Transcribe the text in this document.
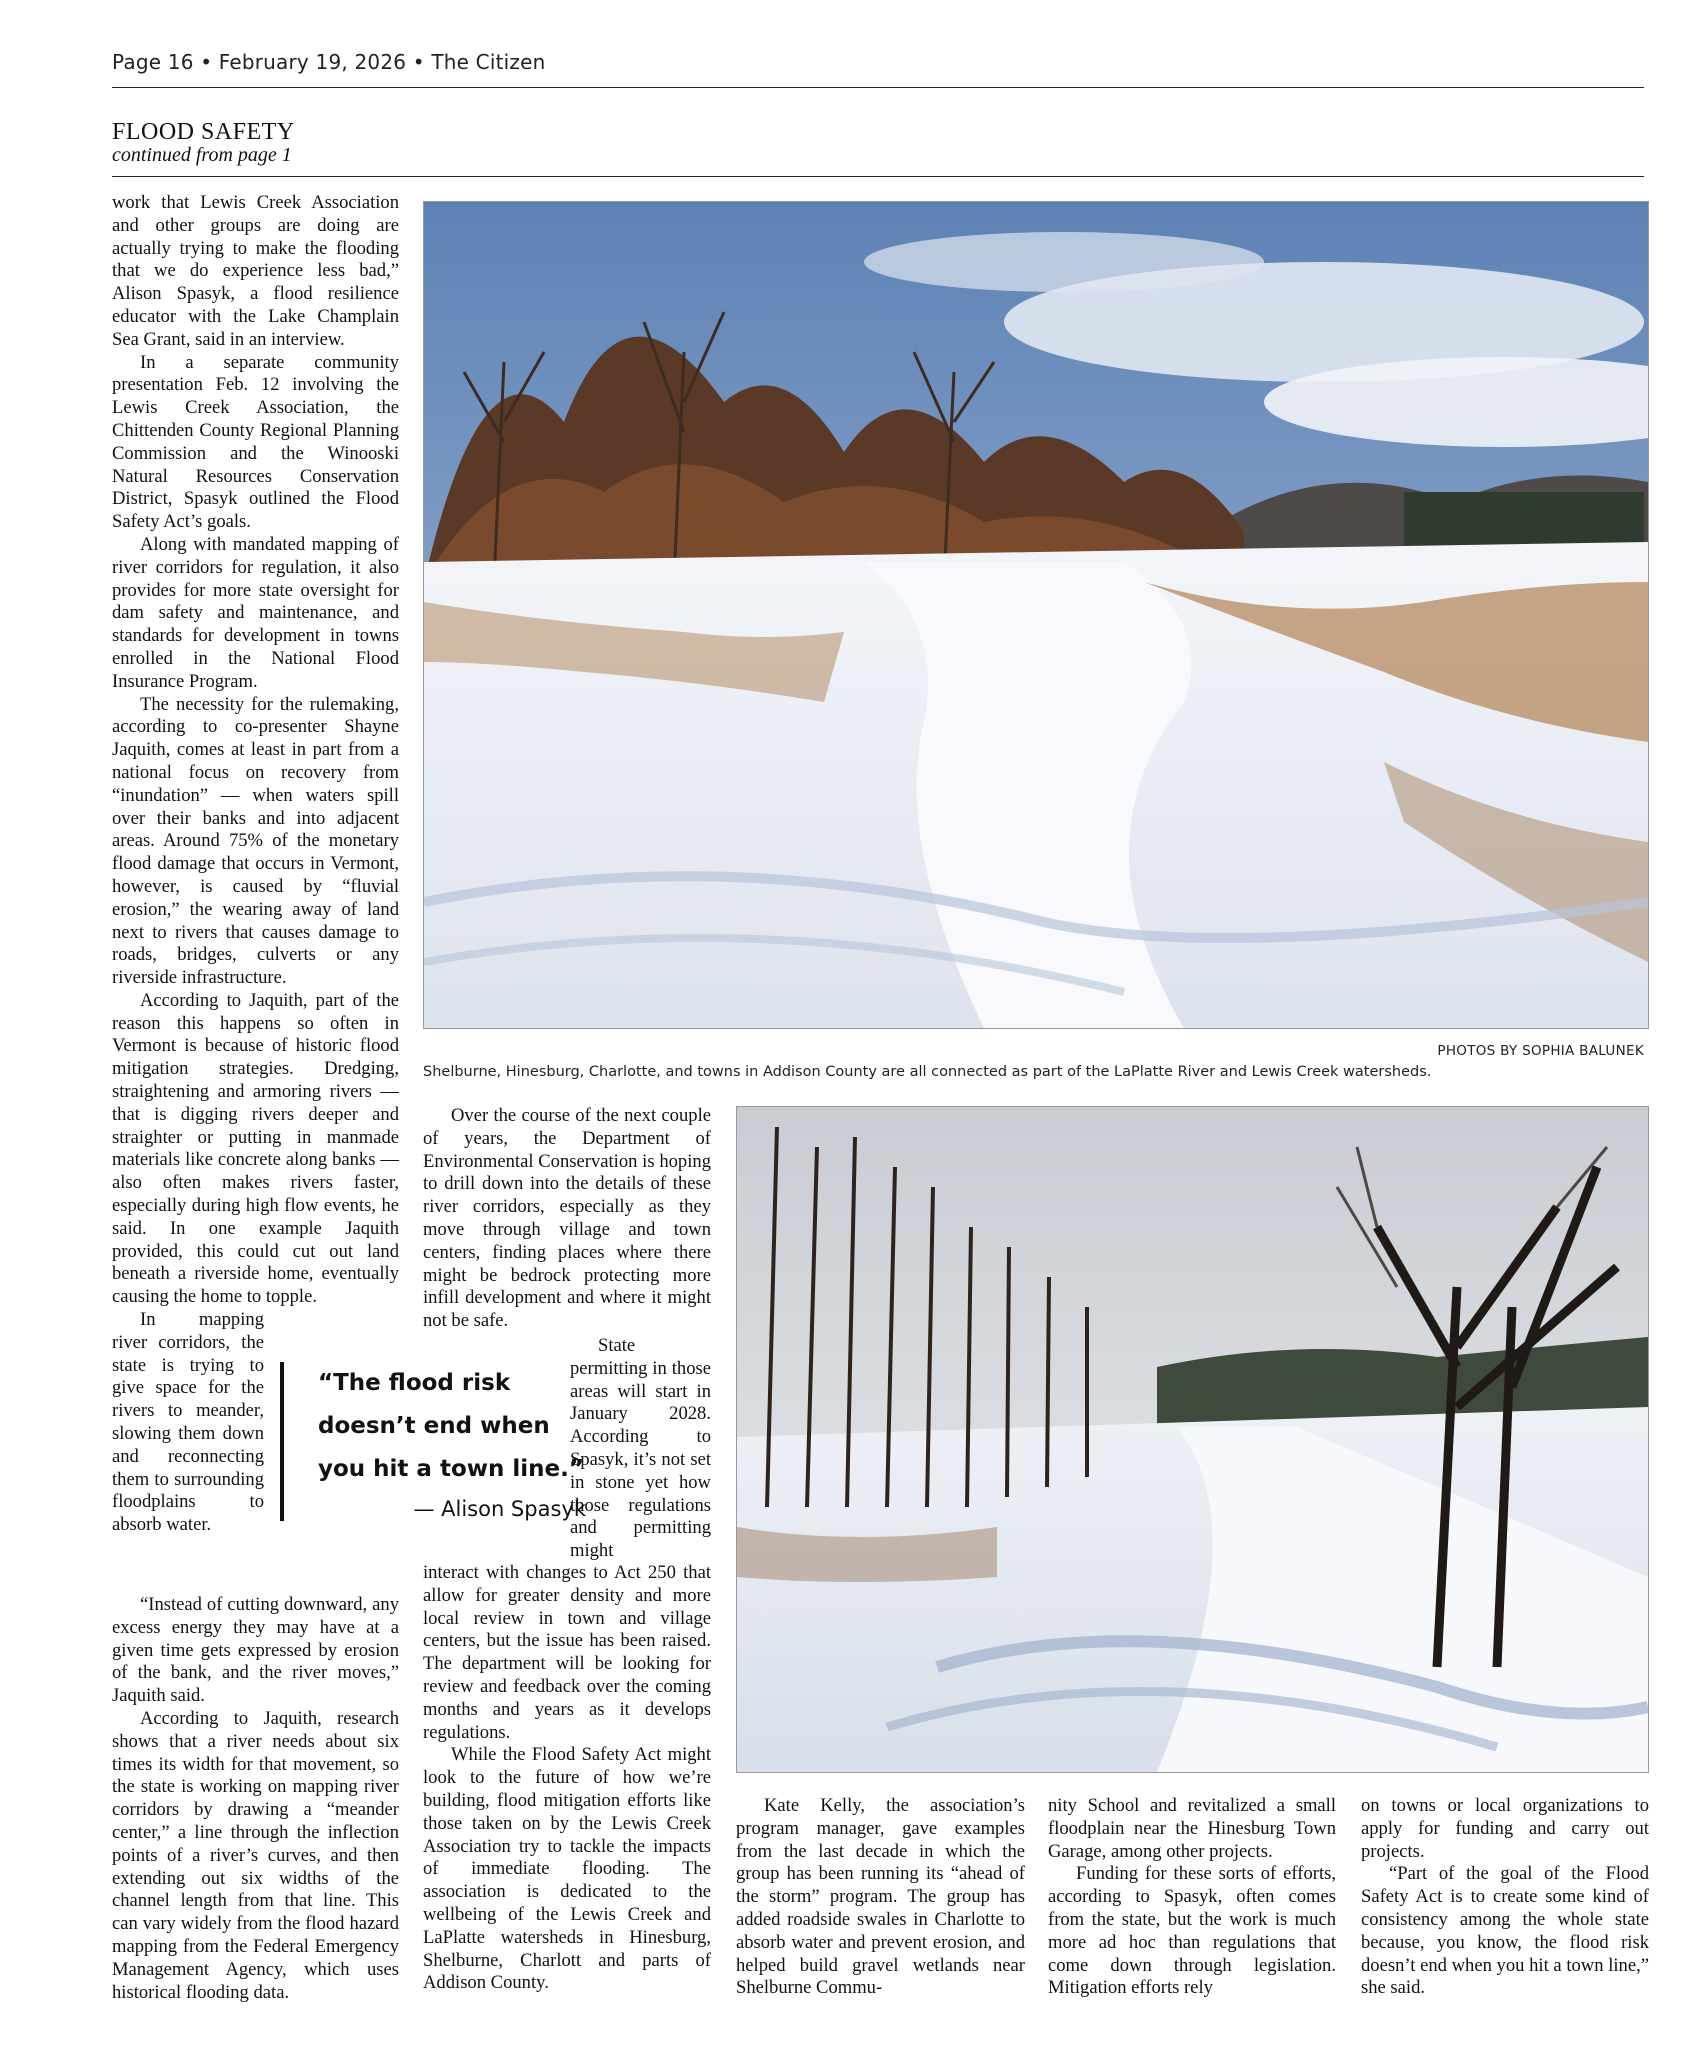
Page 16 • February 19, 2026 • The Citizen
FLOOD SAFETY
continued from page 1

work that Lewis Creek Association and other groups are doing are actually trying to make the flooding that we do experience less bad,” Alison Spasyk, a flood resilience educator with the Lake Champlain Sea Grant, said in an interview.

In a separate community presentation Feb. 12 involving the Lewis Creek Association, the Chittenden County Regional Planning Commission and the Winooski Natural Resources Conservation District, Spasyk outlined the Flood Safety Act’s goals.

Along with mandated mapping of river corridors for regulation, it also provides for more state oversight for dam safety and maintenance, and standards for development in towns enrolled in the National Flood Insurance Program.

The necessity for the rulemaking, according to co-presenter Shayne Jaquith, comes at least in part from a national focus on recovery from “inundation” — when waters spill over their banks and into adjacent areas. Around 75% of the monetary flood damage that occurs in Vermont, however, is caused by “fluvial erosion,” the wearing away of land next to rivers that causes damage to roads, bridges, culverts or any riverside infrastructure.

According to Jaquith, part of the reason this happens so often in Vermont is because of historic flood mitigation strategies. Dredging, straightening and armoring rivers — that is digging rivers deeper and straighter or putting in manmade materials like concrete along banks — also often makes rivers faster, especially during high flow events, he said. In one example Jaquith provided, this could cut out land beneath a riverside home, eventually causing the home to topple.

In mapping river corridors, the state is trying to give space for the rivers to meander, slowing them down and reconnecting them to surrounding floodplains to absorb water.

“Instead of cutting downward, any excess energy they may have at a given time gets expressed by erosion of the bank, and the river moves,” Jaquith said.

According to Jaquith, research shows that a river needs about six times its width for that movement, so the state is working on mapping river corridors by drawing a “meander center,” a line through the inflection points of a river’s curves, and then extending out six widths of the channel length from that line. This can vary widely from the flood hazard mapping from the Federal Emergency Management Agency, which uses historical flooding data.

PHOTOS BY SOPHIA BALUNEK
Shelburne, Hinesburg, Charlotte, and towns in Addison County are all connected as part of the LaPlatte River and Lewis Creek watersheds.

Over the course of the next couple of years, the Department of Environmental Conservation is hoping to drill down into the details of these river corridors, especially as they move through village and town centers, finding places where there might be bedrock protecting more infill development and where it might not be safe.

State permitting in those areas will start in January 2028. According to Spasyk, it’s not set in stone yet how those regulations and permitting might

interact with changes to Act 250 that allow for greater density and more local review in town and village centers, but the issue has been raised. The department will be looking for review and feedback over the coming months and years as it develops regulations.

While the Flood Safety Act might look to the future of how we’re building, flood mitigation efforts like those taken on by the Lewis Creek Association try to tackle the impacts of immediate flooding. The association is dedicated to the wellbeing of the Lewis Creek and LaPlatte watersheds in Hinesburg, Shelburne, Charlott and parts of Addison County.

“The flood risk doesn’t end when you hit a town line.”
— Alison Spasyk

Kate Kelly, the association’s program manager, gave examples from the last decade in which the group has been running its “ahead of the storm” program. The group has added roadside swales in Charlotte to absorb water and prevent erosion, and helped build gravel wetlands near Shelburne Commu-

nity School and revitalized a small floodplain near the Hinesburg Town Garage, among other projects.

Funding for these sorts of efforts, according to Spasyk, often comes from the state, but the work is much more ad hoc than regulations that come down through legislation. Mitigation efforts rely

on towns or local organizations to apply for funding and carry out projects.

“Part of the goal of the Flood Safety Act is to create some kind of consistency among the whole state because, you know, the flood risk doesn’t end when you hit a town line,” she said.
